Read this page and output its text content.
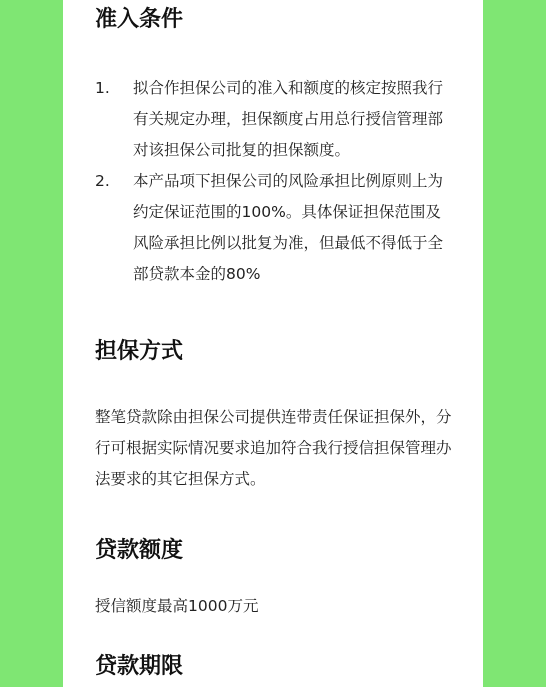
准入条件
1. 拟合作担保公司的准入和额度的核定按照我行有关规定办理，担保额度占用总行授信管理部对该担保公司批复的担保额度。
2. 本产品项下担保公司的风险承担比例原则上为约定保证范围的100%。具体保证担保范围及风险承担比例以批复为准，但最低不得低于全部贷款本金的80%
担保方式

整笔贷款除由担保公司提供连带责任保证担保外，分行可根据实际情况要求追加符合我行授信担保管理办法要求的其它担保方式。

贷款额度

授信额度最高1000万元

贷款期限
